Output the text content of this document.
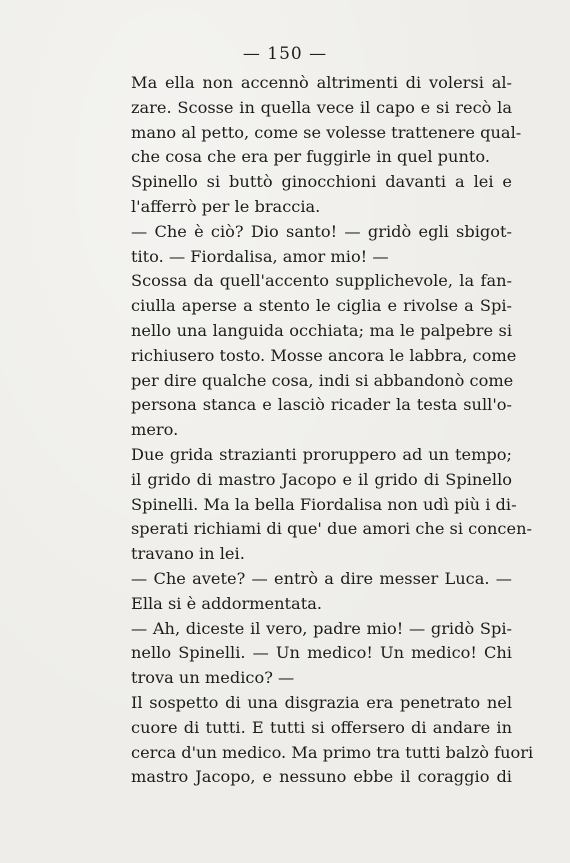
— 150 —
Ma ella non accennò altrimenti di volersi al-
zare. Scosse in quella vece il capo e si recò la
mano al petto, come se volesse trattenere qual-
che cosa che era per fuggirle in quel punto.
Spinello si buttò ginocchioni davanti a lei e
l'afferrò per le braccia.
— Che è ciò? Dio santo! — gridò egli sbigot-
tito. — Fiordalisa, amor mio! —
Scossa da quell'accento supplichevole, la fan-
ciulla aperse a stento le ciglia e rivolse a Spi-
nello una languida occhiata; ma le palpebre si
richiusero tosto. Mosse ancora le labbra, come
per dire qualche cosa, indi si abbandonò come
persona stanca e lasciò ricader la testa sull'o-
mero.
Due grida strazianti proruppero ad un tempo;
il grido di mastro Jacopo e il grido di Spinello
Spinelli. Ma la bella Fiordalisa non udì più i di-
sperati richiami di que' due amori che si concen-
travano in lei.
— Che avete? — entrò a dire messer Luca. —
Ella si è addormentata.
— Ah, diceste il vero, padre mio! — gridò Spi-
nello Spinelli. — Un medico! Un medico! Chi
trova un medico? —
Il sospetto di una disgrazia era penetrato nel
cuore di tutti. E tutti si offersero di andare in
cerca d'un medico. Ma primo tra tutti balzò fuori
mastro Jacopo, e nessuno ebbe il coraggio di
